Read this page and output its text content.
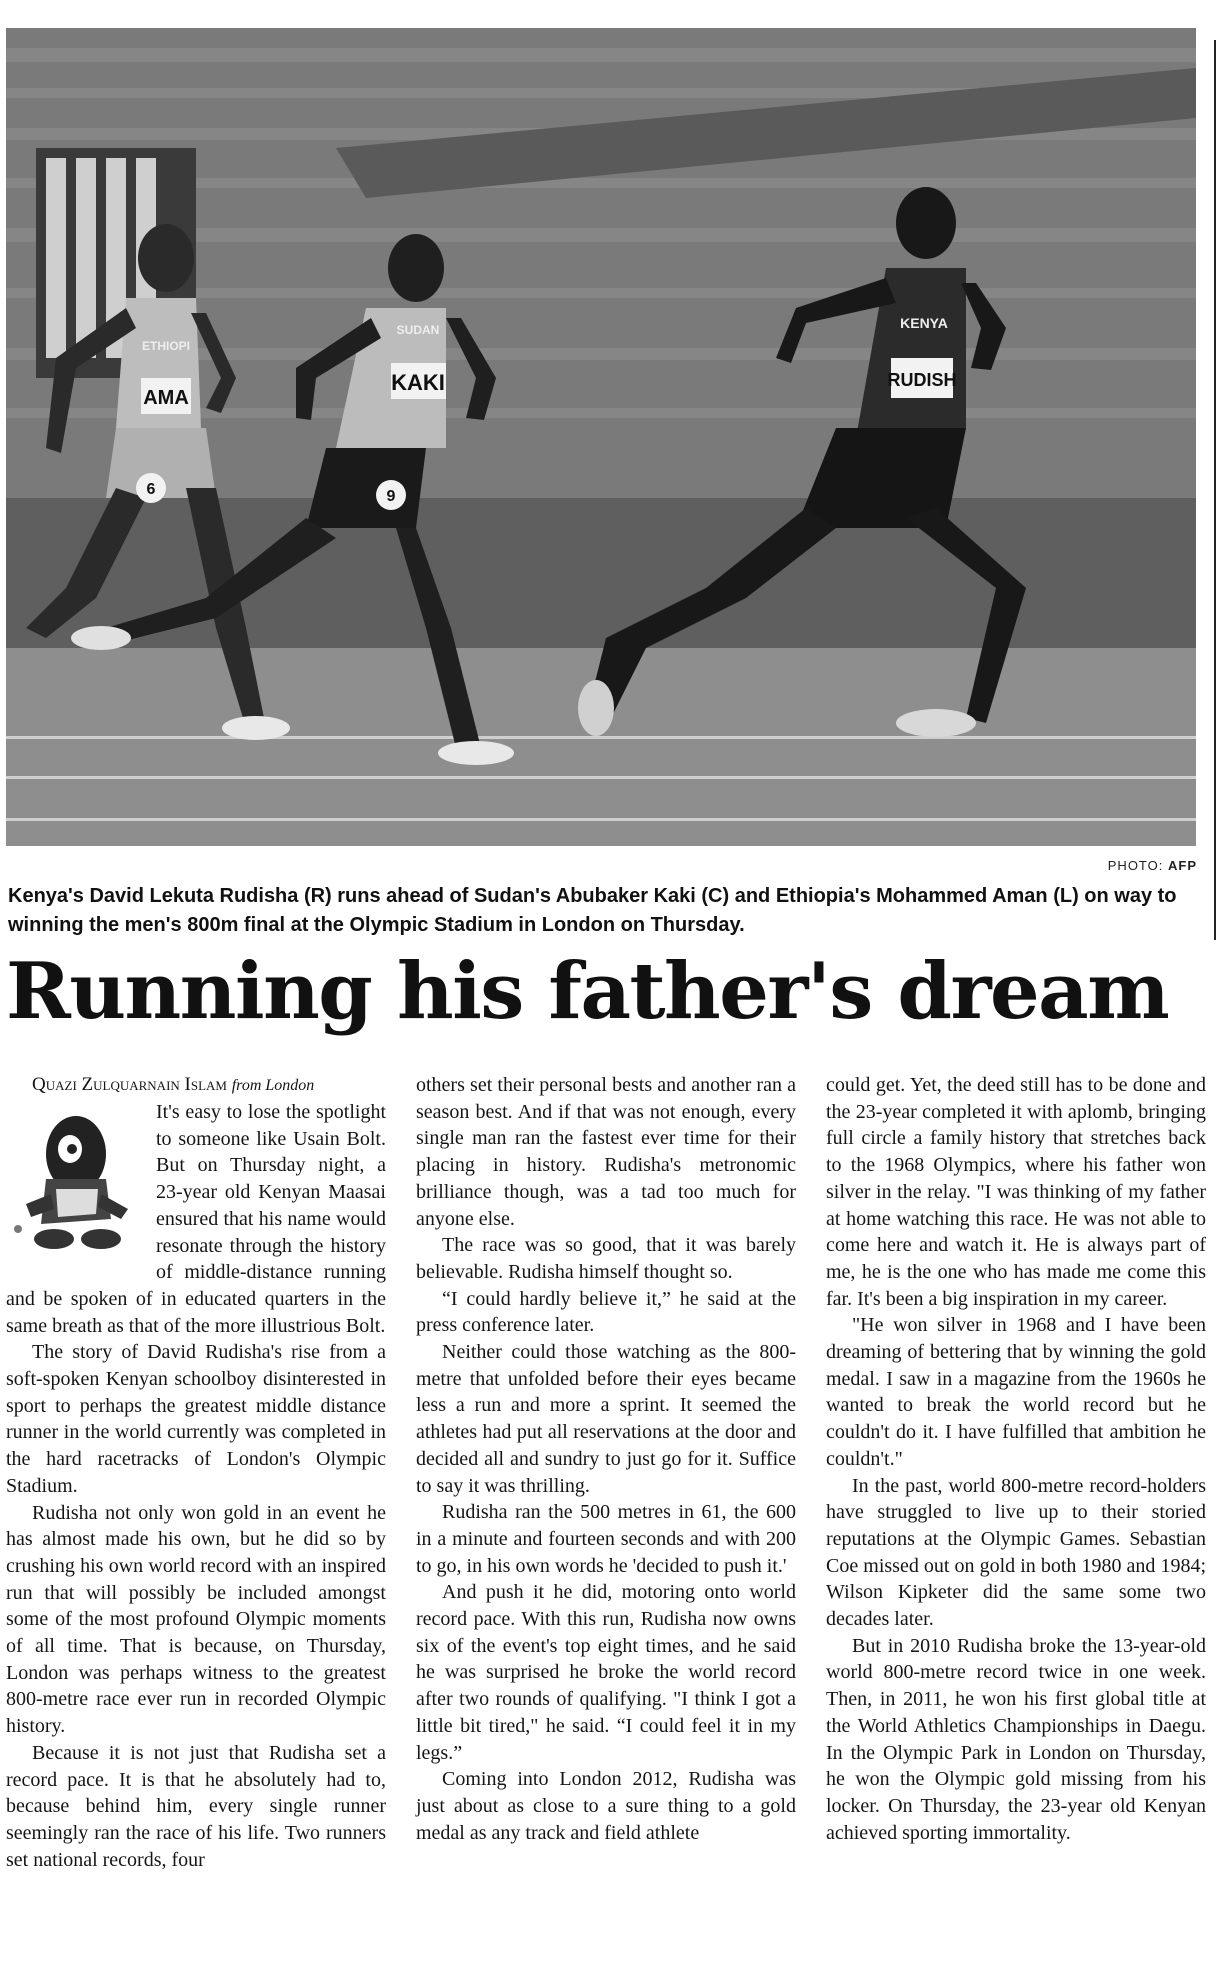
AMA
ETHIOPI
6
KAKI
SUDAN
9
RUDISH
KENYA
PHOTO: AFP
Kenya's David Lekuta Rudisha (R) runs ahead of Sudan's Abubaker Kaki (C) and Ethiopia's Mohammed Aman (L) on way to winning the men's 800m final at the Olympic Stadium in London on Thursday.
Running his father's dream

Quazi Zulquarnain Islam from London

It's easy to lose the spotlight to someone like Usain Bolt. But on Thursday night, a 23-year old Kenyan Maasai ensured that his name would resonate through the history of middle-distance running and be spoken of in educated quarters in the same breath as that of the more illustrious Bolt.

The story of David Rudisha's rise from a soft-spoken Kenyan schoolboy disinterested in sport to perhaps the greatest middle distance runner in the world currently was completed in the hard racetracks of London's Olympic Stadium.

Rudisha not only won gold in an event he has almost made his own, but he did so by crushing his own world record with an inspired run that will possibly be included amongst some of the most profound Olympic moments of all time. That is because, on Thursday, London was perhaps witness to the greatest 800-metre race ever run in recorded Olympic history.

Because it is not just that Rudisha set a record pace. It is that he absolutely had to, because behind him, every single runner seemingly ran the race of his life. Two runners set national records, four

others set their personal bests and another ran a season best. And if that was not enough, every single man ran the fastest ever time for their placing in history. Rudisha's metronomic brilliance though, was a tad too much for anyone else.

The race was so good, that it was barely believable. Rudisha himself thought so.

“I could hardly believe it,” he said at the press conference later.

Neither could those watching as the 800-metre that unfolded before their eyes became less a run and more a sprint. It seemed the athletes had put all reservations at the door and decided all and sundry to just go for it. Suffice to say it was thrilling.

Rudisha ran the 500 metres in 61, the 600 in a minute and fourteen seconds and with 200 to go, in his own words he 'decided to push it.'

And push it he did, motoring onto world record pace. With this run, Rudisha now owns six of the event's top eight times, and he said he was surprised he broke the world record after two rounds of qualifying. "I think I got a little bit tired," he said. “I could feel it in my legs.”

Coming into London 2012, Rudisha was just about as close to a sure thing to a gold medal as any track and field athlete

could get. Yet, the deed still has to be done and the 23-year completed it with aplomb, bringing full circle a family history that stretches back to the 1968 Olympics, where his father won silver in the relay. "I was thinking of my father at home watching this race. He was not able to come here and watch it. He is always part of me, he is the one who has made me come this far. It's been a big inspiration in my career.

"He won silver in 1968 and I have been dreaming of bettering that by winning the gold medal. I saw in a magazine from the 1960s he wanted to break the world record but he couldn't do it. I have fulfilled that ambition he couldn't."

In the past, world 800-metre record-holders have struggled to live up to their storied reputations at the Olympic Games. Sebastian Coe missed out on gold in both 1980 and 1984; Wilson Kipketer did the same some two decades later.

But in 2010 Rudisha broke the 13-year-old world 800-metre record twice in one week. Then, in 2011, he won his first global title at the World Athletics Championships in Daegu. In the Olympic Park in London on Thursday, he won the Olympic gold missing from his locker. On Thursday, the 23-year old Kenyan achieved sporting immortality.
